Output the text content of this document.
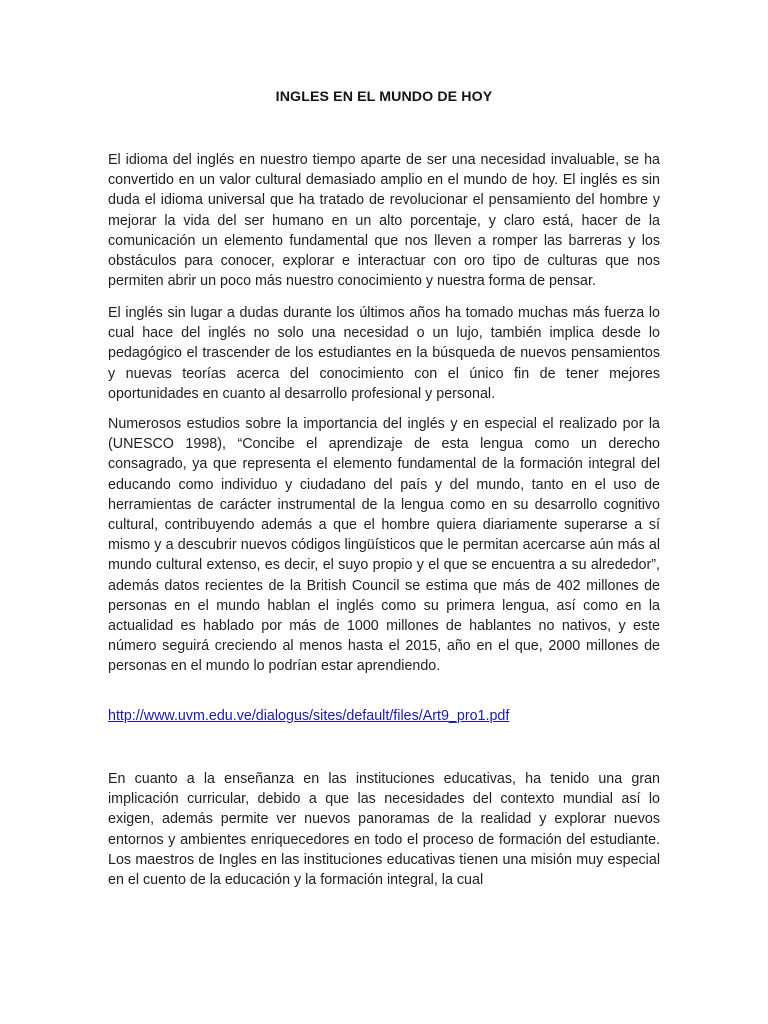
INGLES EN EL MUNDO DE HOY

El idioma del inglés en nuestro tiempo aparte de ser una necesidad invaluable, se ha convertido en un valor cultural demasiado amplio en el mundo de hoy. El inglés es sin duda el idioma universal que ha tratado de revolucionar el pensamiento del hombre y mejorar la vida del ser humano en un alto porcentaje, y claro está, hacer de la comunicación un elemento fundamental que nos lleven a romper las barreras y los obstáculos para conocer, explorar e interactuar con oro tipo de culturas que nos permiten abrir un poco más nuestro conocimiento y nuestra forma de pensar.

El inglés sin lugar a dudas durante los últimos años ha tomado muchas más fuerza lo cual hace del inglés no solo una necesidad o un lujo, también implica desde lo pedagógico el trascender de los estudiantes en la búsqueda de nuevos pensamientos y nuevas teorías acerca del conocimiento con el único fin de tener mejores oportunidades en cuanto al desarrollo profesional y personal.

Numerosos estudios sobre la importancia del inglés y en especial el realizado por la (UNESCO 1998), “Concibe el aprendizaje de esta lengua como un derecho consagrado, ya que representa el elemento fundamental de la formación integral del educando como individuo y ciudadano del país y del mundo, tanto en el uso de herramientas de carácter instrumental de la lengua como en su desarrollo cognitivo cultural, contribuyendo además a que el hombre quiera diariamente superarse a sí mismo y a descubrir nuevos códigos lingüísticos que le permitan acercarse aún más al mundo cultural extenso, es decir, el suyo propio y el que se encuentra a su alrededor”, además datos recientes de la British Council se estima que más de 402 millones de personas en el mundo hablan el inglés como su primera lengua, así como en la actualidad es hablado por más de 1000 millones de hablantes no nativos, y este número seguirá creciendo al menos hasta el 2015, año en el que, 2000 millones de personas en el mundo lo podrían estar aprendiendo.

http://www.uvm.edu.ve/dialogus/sites/default/files/Art9_pro1.pdf

En cuanto a la enseñanza en las instituciones educativas, ha tenido una gran implicación curricular, debido a que las necesidades del contexto mundial así lo exigen, además permite ver nuevos panoramas de la realidad y explorar nuevos entornos y ambientes enriquecedores en todo el proceso de formación del estudiante. Los maestros de Ingles en las instituciones educativas tienen una misión muy especial en el cuento de la educación y la formación integral, la cual
